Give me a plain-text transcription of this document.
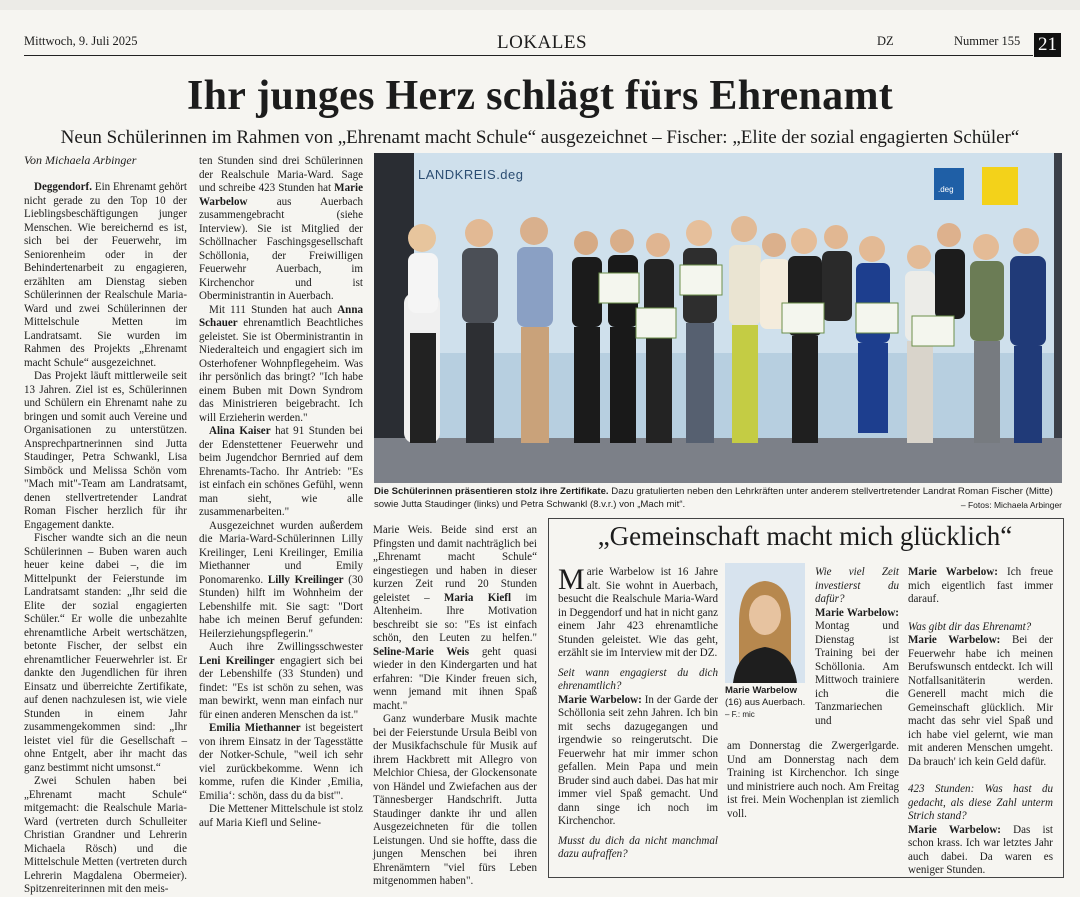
Mittwoch, 9. Juli 2025	LOKALES	DZ	Nummer 155 21
Ihr junges Herz schlägt fürs Ehrenamt
Neun Schülerinnen im Rahmen von „Ehrenamt macht Schule“ ausgezeichnet – Fischer: „Elite der sozial engagierten Schüler“
Von Michaela Arbinger

Deggendorf. Ein Ehrenamt gehört nicht gerade zu den Top 10 der Lieblingsbeschäftigungen junger Menschen. Wie bereichernd es ist, sich bei der Feuerwehr, im Seniorenheim oder in der Behindertenarbeit zu engagieren, erzählten am Dienstag sieben Schülerinnen der Realschule Maria-Ward und zwei Schülerinnen der Mittelschule Metten im Landratsamt. Sie wurden im Rahmen des Projekts „Ehrenamt macht Schule“ ausgezeichnet.

Das Projekt läuft mittlerweile seit 13 Jahren. Ziel ist es, Schülerinnen und Schülern ein Ehrenamt nahe zu bringen und somit auch Vereine und Organisationen zu unterstützen. Ansprechpartnerinnen sind Jutta Staudinger, Petra Schwankl, Lisa Simböck und Melissa Schön vom "Mach mit"-Team am Landratsamt, denen stellvertretender Landrat Roman Fischer herzlich für ihr Engagement dankte.

Fischer wandte sich an die neun Schülerinnen – Buben waren auch heuer keine dabei –, die im Mittelpunkt der Feierstunde im Landratsamt standen: „Ihr seid die Elite der sozial engagierten Schüler.“ Er wolle die unbezahlte ehrenamtliche Arbeit wertschätzen, betonte Fischer, der selbst ein ehrenamtlicher Feuerwehrler ist. Er dankte den Jugendlichen für ihren Einsatz und überreichte Zertifikate, auf denen nachzulesen ist, wie viele Stunden in einem Jahr zusammengekommen sind: „Ihr leistet viel für die Gesellschaft – ohne Entgelt, aber ihr macht das ganz bestimmt nicht umsonst.“

Zwei Schulen haben bei „Ehrenamt macht Schule“ mitgemacht: die Realschule Maria-Ward (vertreten durch Schulleiter Christian Grandner und Lehrerin Michaela Rösch) und die Mittelschule Metten (vertreten durch Lehrerin Magdalena Obermeier). Spitzenreiterinnen mit den meis-

ten Stunden sind drei Schülerinnen der Realschule Maria-Ward. Sage und schreibe 423 Stunden hat Marie Warbelow aus Auerbach zusammengebracht (siehe Interview). Sie ist Mitglied der Schöllnacher Faschingsgesellschaft Schöllonia, der Freiwilligen Feuerwehr Auerbach, im Kirchenchor und ist Oberministrantin in Auerbach.

Mit 111 Stunden hat auch Anna Schauer ehrenamtlich Beachtliches geleistet. Sie ist Oberministrantin in Niederalteich und engagiert sich im Osterhofener Wohnpflegeheim. Was ihr persönlich das bringt? "Ich habe einem Buben mit Down Syndrom das Ministrieren beigebracht. Ich will Erzieherin werden."

Alina Kaiser hat 91 Stunden bei der Edenstettener Feuerwehr und beim Jugendchor Bernried auf dem Ehrenamts-Tacho. Ihr Antrieb: "Es ist einfach ein schönes Gefühl, wenn man sieht, wie alle zusammenarbeiten."

Ausgezeichnet wurden außerdem die Maria-Ward-Schülerinnen Lilly Kreilinger, Leni Kreilinger, Emilia Miethanner und Emily Ponomarenko. Lilly Kreilinger (30 Stunden) hilft im Wohnheim der Lebenshilfe mit. Sie sagt: "Dort habe ich meinen Beruf gefunden: Heilerziehungspflegerin."

Auch ihre Zwillingsschwester Leni Kreilinger engagiert sich bei der Lebenshilfe (33 Stunden) und findet: "Es ist schön zu sehen, was man bewirkt, wenn man einfach nur für einen anderen Menschen da ist."

Emilia Miethanner ist begeistert von ihrem Einsatz in der Tagesstätte der Notker-Schule, "weil ich sehr viel zurückbekomme. Wenn ich komme, rufen die Kinder ‚Emilia, Emilia‘: schön, dass du da bist'".

Die Mettener Mittelschule ist stolz auf Maria Kiefl und Seline-

LANDKREIS.deg
.deg
Die Schülerinnen präsentieren stolz ihre Zertifikate. Dazu gratulierten neben den Lehrkräften unter anderem stellvertretender Landrat Roman Fischer (Mitte) sowie Jutta Staudinger (links) und Petra Schwankl (8.v.r.) von „Mach mit“.	– Fotos: Michaela Arbinger

Marie Weis. Beide sind erst an Pfingsten und damit nachträglich bei „Ehrenamt macht Schule“ eingestiegen und haben in dieser kurzen Zeit rund 20 Stunden geleistet – Maria Kiefl im Altenheim. Ihre Motivation beschreibt sie so: "Es ist einfach schön, den Leuten zu helfen." Seline-Marie Weis geht quasi wieder in den Kindergarten und hat erfahren: "Die Kinder freuen sich, wenn jemand mit ihnen Spaß macht."

Ganz wunderbare Musik machte bei der Feierstunde Ursula Beibl von der Musikfachschule für Musik auf ihrem Hackbrett mit Allegro von Melchior Chiesa, der Glockensonate von Händel und Zwiefachen aus der Tännesberger Handschrift. Jutta Staudinger dankte ihr und allen Ausgezeichneten für die tollen Leistungen. Und sie hoffte, dass die jungen Menschen bei ihren Ehrenämtern "viel fürs Leben mitgenommen haben".

„Gemeinschaft macht mich glücklich“

Marie Warbelow ist 16 Jahre alt. Sie wohnt in Auerbach, besucht die Realschule Maria-Ward in Deggendorf und hat in nicht ganz einem Jahr 423 ehrenamtliche Stunden geleistet. Wie das geht, erzählt sie im Interview mit der DZ.

Seit wann engagierst du dich ehrenamtlich?

Marie Warbelow: In der Garde der Schöllonia seit zehn Jahren. Ich bin mit sechs dazugegangen und irgendwie so reingerutscht. Die Feuerwehr hat mir immer schon gefallen. Mein Papa und mein Bruder sind auch dabei. Das hat mir immer viel Spaß gemacht. Und dann singe ich noch im Kirchenchor.

Musst du dich da nicht manchmal dazu aufraffen?

Marie Warbelow (16) aus Auerbach. – F.: mic

Wie viel Zeit investierst du dafür?

Marie Warbelow: Montag und Dienstag ist Training bei der Schöllonia. Am Mittwoch trainiere ich die Tanzmariechen und

am Donnerstag die Zwergerlgarde. Und am Donnerstag nach dem Training ist Kirchenchor. Ich singe und ministriere auch noch. Am Freitag ist frei. Mein Wochenplan ist ziemlich voll.

Marie Warbelow: Ich freue mich eigentlich fast immer darauf.

Was gibt dir das Ehrenamt?

Marie Warbelow: Bei der Feuerwehr habe ich meinen Berufswunsch entdeckt. Ich will Notfallsanitäterin werden. Generell macht mich die Gemeinschaft glücklich. Mir macht das sehr viel Spaß und ich habe viel gelernt, wie man mit anderen Menschen umgeht. Da brauch' ich kein Geld dafür.

423 Stunden: Was hast du gedacht, als diese Zahl unterm Strich stand?

Marie Warbelow: Das ist schon krass. Ich war letztes Jahr auch dabei. Da waren es weniger Stunden.
